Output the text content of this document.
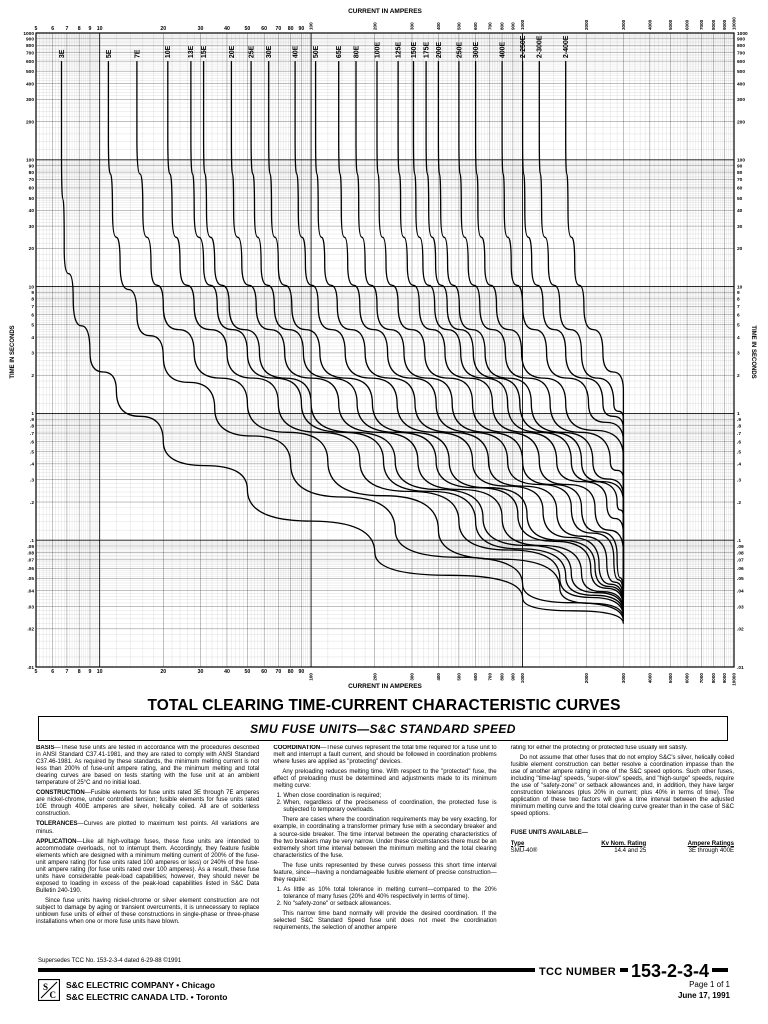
3E	5E	7E	10E 13E 15E	20E 25E 30E	40E 50E 65E 80E 100E 125E 150E 175E 200E 250E 300E	400E 2-250E 2-300E	2-400E
5
5
6
6
7
7
8
8
9
9
10
10
20
20
30
30
40
40
50
50
60
60
70
70
80
80
90
90
100
100
200
200
300
300
400
400
500
500
600
600
700
700
800
800
900
900
1000
1000
2000
2000
3000
3000
4000
4000
5000
5000
6000
6000
7000
7000
8000
8000
9000
9000
10000
10000
.01	.01
.02	.02
.03	.03
.04	.04
.05	.05
.06	.06
.07	.07
.08	.08
.09	.09
.1	.1
.2	.2
.3	.3
.4	.4
.5	.5
.6	.6
.7	.7
.8	.8
.9	.9
1	1
2	2
3	3
4	4
5	5
6	6
7	7
8	8
9	9
10	10
20	20
30	30
40	40
50	50
60	60
70	70
80	80
90	90
100	100
200	200
300	300
400	400
500	500
600	600
700	700
800	800
900	900
1000	1000
CURRENT IN AMPERES
CURRENT IN AMPERES
TIME IN SECONDS	TIME IN SECONDS
TOTAL CLEARING TIME-CURRENT CHARACTERISTIC CURVES
SMU FUSE UNITS—S&C STANDARD SPEED

BASIS—These fuse units are tested in accordance with the procedures described in ANSI Standard C37.41-1981, and they are rated to comply with ANSI Standard C37.46-1981. As required by these standards, the minimum melting current is not less than 200% of fuse-unit ampere rating, and the minimum melting and total clearing curves are based on tests starting with the fuse unit at an ambient temperature of 25°C and no initial load.

CONSTRUCTION—Fusible elements for fuse units rated 3E through 7E amperes are nickel-chrome, under controlled tension; fusible elements for fuse units rated 10E through 400E amperes are silver, helically coiled. All are of solderless construction.

TOLERANCES—Curves are plotted to maximum test points. All variations are minus.

APPLICATION—Like all high-voltage fuses, these fuse units are intended to accommodate overloads, not to interrupt them. Accordingly, they feature fusible elements which are designed with a minimum melting current of 200% of the fuse-unit ampere rating (for fuse units rated 100 amperes or less) or 240% of the fuse-unit ampere rating (for fuse units rated over 100 amperes). As a result, these fuse units have considerable peak-load capabilities; however, they should never be exposed to loading in excess of the peak-load capabilities listed in S&C Data Bulletin 240-190.

Since fuse units having nickel-chrome or silver element construction are not subject to damage by aging or transient overcurrents, it is unnecessary to replace unblown fuse units of either of these constructions in single-phase or three-phase installations when one or more fuse units have blown.

COORDINATION—These curves represent the total time required for a fuse unit to melt and interrupt a fault current, and should be followed in coordination problems where fuses are applied as "protecting" devices.

Any preloading reduces melting time. With respect to the "protected" fuse, the effect of preloading must be determined and adjustments made to its minimum melting curve:

1. When close coordination is required;
2. When, regardless of the preciseness of coordination, the protected fuse is subjected to temporary overloads.

There are cases where the coordination requirements may be very exacting, for example, in coordinating a transformer primary fuse with a secondary breaker and a source-side breaker. The time interval between the operating characteristics of the two breakers may be very narrow. Under these circumstances there must be an extremely short time interval between the minimum melting and the total clearing characteristics of the fuse.

The fuse units represented by these curves possess this short time interval feature, since—having a nondamageable fusible element of precise construction—they require:

1. As little as 10% total tolerance in melting current—compared to the 20% tolerance of many fuses (20% and 40% respectively in terms of time).
2. No "safety-zone" or setback allowances.

This narrow time band normally will provide the desired coordination. If the selected S&C Standard Speed fuse unit does not meet the coordination requirements, the selection of another ampere

rating for either the protecting or protected fuse usually will satisfy.

Do not assume that other fuses that do not employ S&C's silver, helically coiled fusible element construction can better resolve a coordination impasse than the use of another ampere rating in one of the S&C speed options. Such other fuses, including "time-lag" speeds, "super-slow" speeds, and "high-surge" speeds, require the use of "safety-zone" or setback allowances and, in addition, they have larger construction tolerances (plus 20% in current; plus 40% in terms of time). The application of these two factors will give a time interval between the adjusted minimum melting curve and the total clearing curve greater than in the case of S&C speed options.

FUSE UNITS AVAILABLE—
Type	Kv Nom. Rating	Ampere Ratings
SMU-40®	14.4 and 25	3E through 400E
Supersedes TCC No. 153-2-3-4 dated 6-29-88 ©1991
TCC NUMBER 153-2-3-4
S
C
S&C ELECTRIC COMPANY • Chicago
S&C ELECTRIC CANADA LTD. • Toronto
Page 1 of 1
June 17, 1991
